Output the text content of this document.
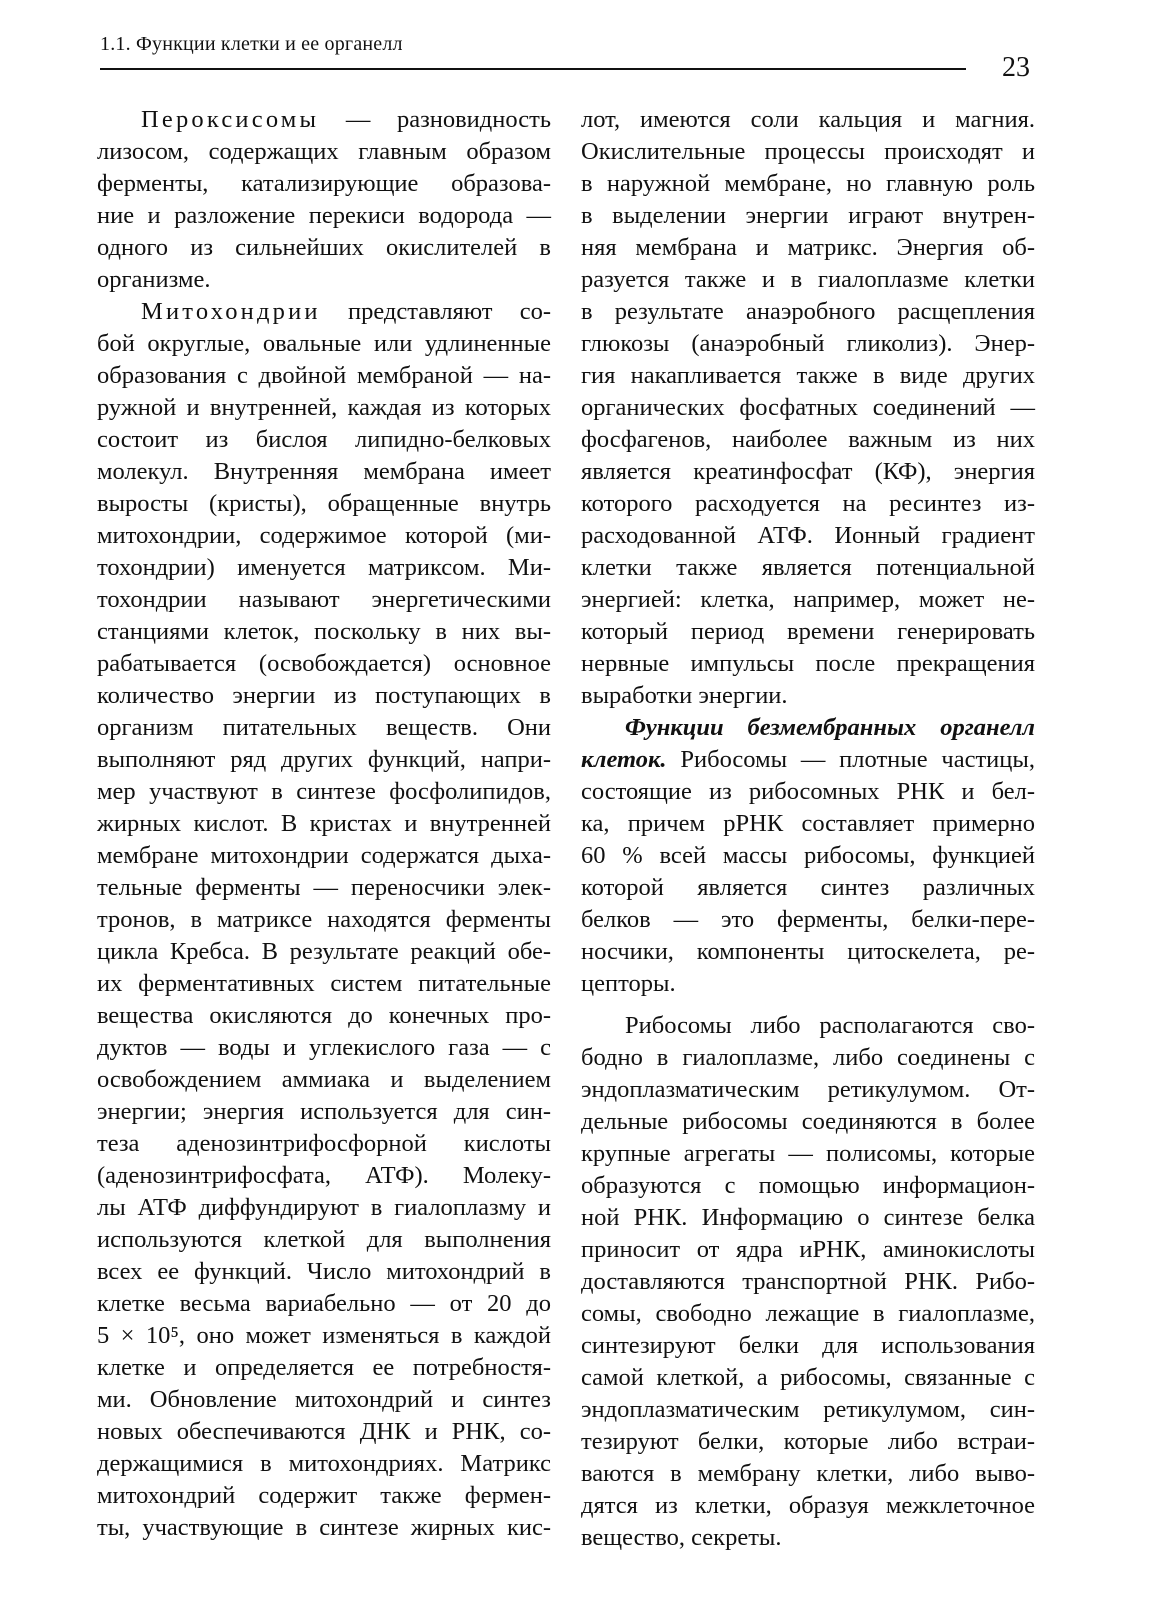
1.1. Функции клетки и ее органелл
23
Пероксисомы — разновидность
лизосом, содержащих главным образом
ферменты, катализирующие образова-
ние и разложение перекиси водорода —
одного из сильнейших окислителей в
организме.
Митохондрии представляют со-
бой округлые, овальные или удлиненные
образования с двойной мембраной — на-
ружной и внутренней, каждая из которых
состоит из бислоя липидно-белковых
молекул. Внутренняя мембрана имеет
выросты (кристы), обращенные внутрь
митохондрии, содержимое которой (ми-
тохондрии) именуется матриксом. Ми-
тохондрии называют энергетическими
станциями клеток, поскольку в них вы-
рабатывается (освобождается) основное
количество энергии из поступающих в
организм питательных веществ. Они
выполняют ряд других функций, напри-
мер участвуют в синтезе фосфолипидов,
жирных кислот. В кристах и внутренней
мембране митохондрии содержатся дыха-
тельные ферменты — переносчики элек-
тронов, в матриксе находятся ферменты
цикла Кребса. В результате реакций обе-
их ферментативных систем питательные
вещества окисляются до конечных про-
дуктов — воды и углекислого газа — с
освобождением аммиака и выделением
энергии; энергия используется для син-
теза аденозинтрифосфорной кислоты
(аденозинтрифосфата, АТФ). Молеку-
лы АТФ диффундируют в гиалоплазму и
используются клеткой для выполнения
всех ее функций. Число митохондрий в
клетке весьма вариабельно — от 20 до
5 × 10⁵, оно может изменяться в каждой
клетке и определяется ее потребностя-
ми. Обновление митохондрий и синтез
новых обеспечиваются ДНК и РНК, со-
держащимися в митохондриях. Матрикс
митохондрий содержит также фермен-
ты, участвующие в синтезе жирных кис-
лот, имеются соли кальция и магния.
Окислительные процессы происходят и
в наружной мембране, но главную роль
в выделении энергии играют внутрен-
няя мембрана и матрикс. Энергия об-
разуется также и в гиалоплазме клетки
в результате анаэробного расщепления
глюкозы (анаэробный гликолиз). Энер-
гия накапливается также в виде других
органических фосфатных соединений —
фосфагенов, наиболее важным из них
является креатинфосфат (КФ), энергия
которого расходуется на ресинтез из-
расходованной АТФ. Ионный градиент
клетки также является потенциальной
энергией: клетка, например, может не-
который период времени генерировать
нервные импульсы после прекращения
выработки энергии.
Функции безмембранных органелл
клеток. Рибосомы — плотные частицы,
состоящие из рибосомных РНК и бел-
ка, причем рРНК составляет примерно
60 % всей массы рибосомы, функцией
которой является синтез различных
белков — это ферменты, белки-пере-
носчики, компоненты цитоскелета, ре-
цепторы.
Рибосомы либо располагаются сво-
бодно в гиалоплазме, либо соединены с
эндоплазматическим ретикулумом. От-
дельные рибосомы соединяются в более
крупные агрегаты — полисомы, которые
образуются с помощью информацион-
ной РНК. Информацию о синтезе белка
приносит от ядра иРНК, аминокислоты
доставляются транспортной РНК. Рибо-
сомы, свободно лежащие в гиалоплазме,
синтезируют белки для использования
самой клеткой, а рибосомы, связанные с
эндоплазматическим ретикулумом, син-
тезируют белки, которые либо встраи-
ваются в мембрану клетки, либо выво-
дятся из клетки, образуя межклеточное
вещество, секреты.
